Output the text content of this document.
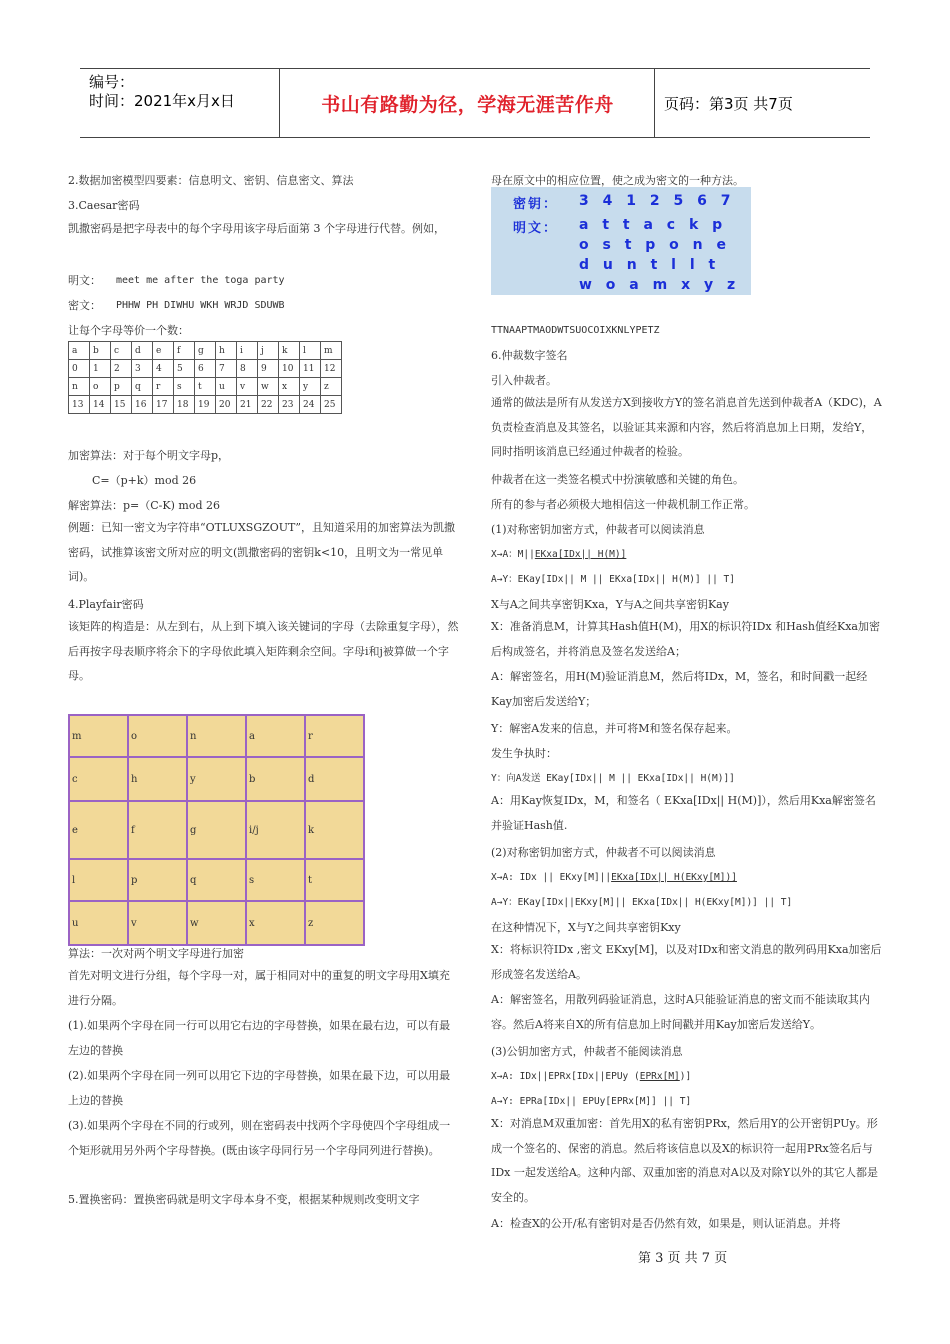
编号：
时间：2021年x月x日	书山有路勤为径，学海无涯苦作舟	页码：第3页 共7页
2.数据加密模型四要素：信息明文、密钥、信息密文、算法
3.Caesar密码
凯撒密码是把字母表中的每个字母用该字母后面第 3 个字母进行代替。例如，
明文： meet me after the toga party
密文： PHHW PH DIWHU WKH WRJD SDUWB
让每个字母等价一个数：
a	b	c	d	e	f	g	h	i	j	k	l	m
0	1	2	3	4	5	6	7	8	9	10	11	12
n	o	p	q	r	s	t	u	v	w	x	y	z
13	14	15	16	17	18	19	20	21	22	23	24	25
加密算法：对于每个明文字母p，
C=（p+k）mod 26
解密算法：p=（C-K) mod 26
例题：已知一密文为字符串“OTLUXSGZOUT”，且知道采用的加密算法为凯撒密码，试推算该密文所对应的明文(凯撒密码的密钥k<10，且明文为一常见单词)。
4.Playfair密码
该矩阵的构造是：从左到右，从上到下填入该关键词的字母（去除重复字母），然后再按字母表顺序将余下的字母依此填入矩阵剩余空间。字母i和j被算做一个字母。
m	o	n	a	r
c	h	y	b	d
e	f	g	i/j	k
l	p	q	s	t
u	v	w	x	z
算法：一次对两个明文字母进行加密
首先对明文进行分组，每个字母一对，属于相同对中的重复的明文字母用X填充进行分隔。
(1).如果两个字母在同一行可以用它右边的字母替换，如果在最右边，可以有最左边的替换
(2).如果两个字母在同一列可以用它下边的字母替换，如果在最下边，可以用最上边的替换
(3).如果两个字母在不同的行或列，则在密码表中找两个字母使四个字母组成一个矩形就用另外两个字母替换。(既由该字母同行另一个字母同列进行替换)。
5.置换密码：置换密码就是明文字母本身不变，根据某种规则改变明文字
母在原文中的相应位置，使之成为密文的一种方法。
密钥： 3 4 1 2 5 6 7
明文： a t t a c k p
o s t p o n e
d u n t l l t
w o a m x y z
TTNAAPTMAODWTSUOCOIXKNLYPETZ
6.仲裁数字签名
引入仲裁者。
通常的做法是所有从发送方X到接收方Y的签名消息首先送到仲裁者A（KDC)，A负责检查消息及其签名，以验证其来源和内容，然后将消息加上日期，发给Y，同时指明该消息已经通过仲裁者的检验。
仲裁者在这一类签名模式中扮演敏感和关键的角色。
所有的参与者必须极大地相信这一仲裁机制工作正常。
(1)对称密钥加密方式，仲裁者可以阅读消息
X→A：M||EKxa[IDx|| H(M)]
A→Y：EKay[IDx|| M || EKxa[IDx|| H(M)] || T]
X与A之间共享密钥Kxa，Y与A之间共享密钥Kay
X：准备消息M，计算其Hash值H(M)，用X的标识符IDx 和Hash值经Kxa加密后构成签名，并将消息及签名发送给A；
A：解密签名，用H(M)验证消息M，然后将IDx，M，签名，和时间戳一起经Kay加密后发送给Y；
Y：解密A发来的信息，并可将M和签名保存起来。
发生争执时：
Y：向A发送 EKay[IDx|| M || EKxa[IDx|| H(M)]]
A：用Kay恢复IDx，M，和签名（ EKxa[IDx|| H(M)]），然后用Kxa解密签名并验证Hash值.
(2)对称密钥加密方式，仲裁者不可以阅读消息
X→A: IDx || EKxy[M]||EKxa[IDx|| H(EKxy[M])]
A→Y：EKay[IDx||EKxy[M]|| EKxa[IDx|| H(EKxy[M])] || T]
在这种情况下，X与Y之间共享密钥Kxy
X：将标识符IDx ,密文 EKxy[M]，以及对IDx和密文消息的散列码用Kxa加密后形成签名发送给A。
A：解密签名，用散列码验证消息，这时A只能验证消息的密文而不能读取其内容。然后A将来自X的所有信息加上时间戳并用Kay加密后发送给Y。
(3)公钥加密方式，仲裁者不能阅读消息
X→A: IDx||EPRx[IDx||EPUy (EPRx[M])]
A→Y: EPRa[IDx|| EPUy[EPRx[M]] || T]
X：对消息M双重加密：首先用X的私有密钥PRx，然后用Y的公开密钥PUy。形成一个签名的、保密的消息。然后将该信息以及X的标识符一起用PRx签名后与IDx 一起发送给A。这种内部、双重加密的消息对A以及对除Y以外的其它人都是安全的。
A：检查X的公开/私有密钥对是否仍然有效，如果是，则认证消息。并将
第 3 页 共 7 页
